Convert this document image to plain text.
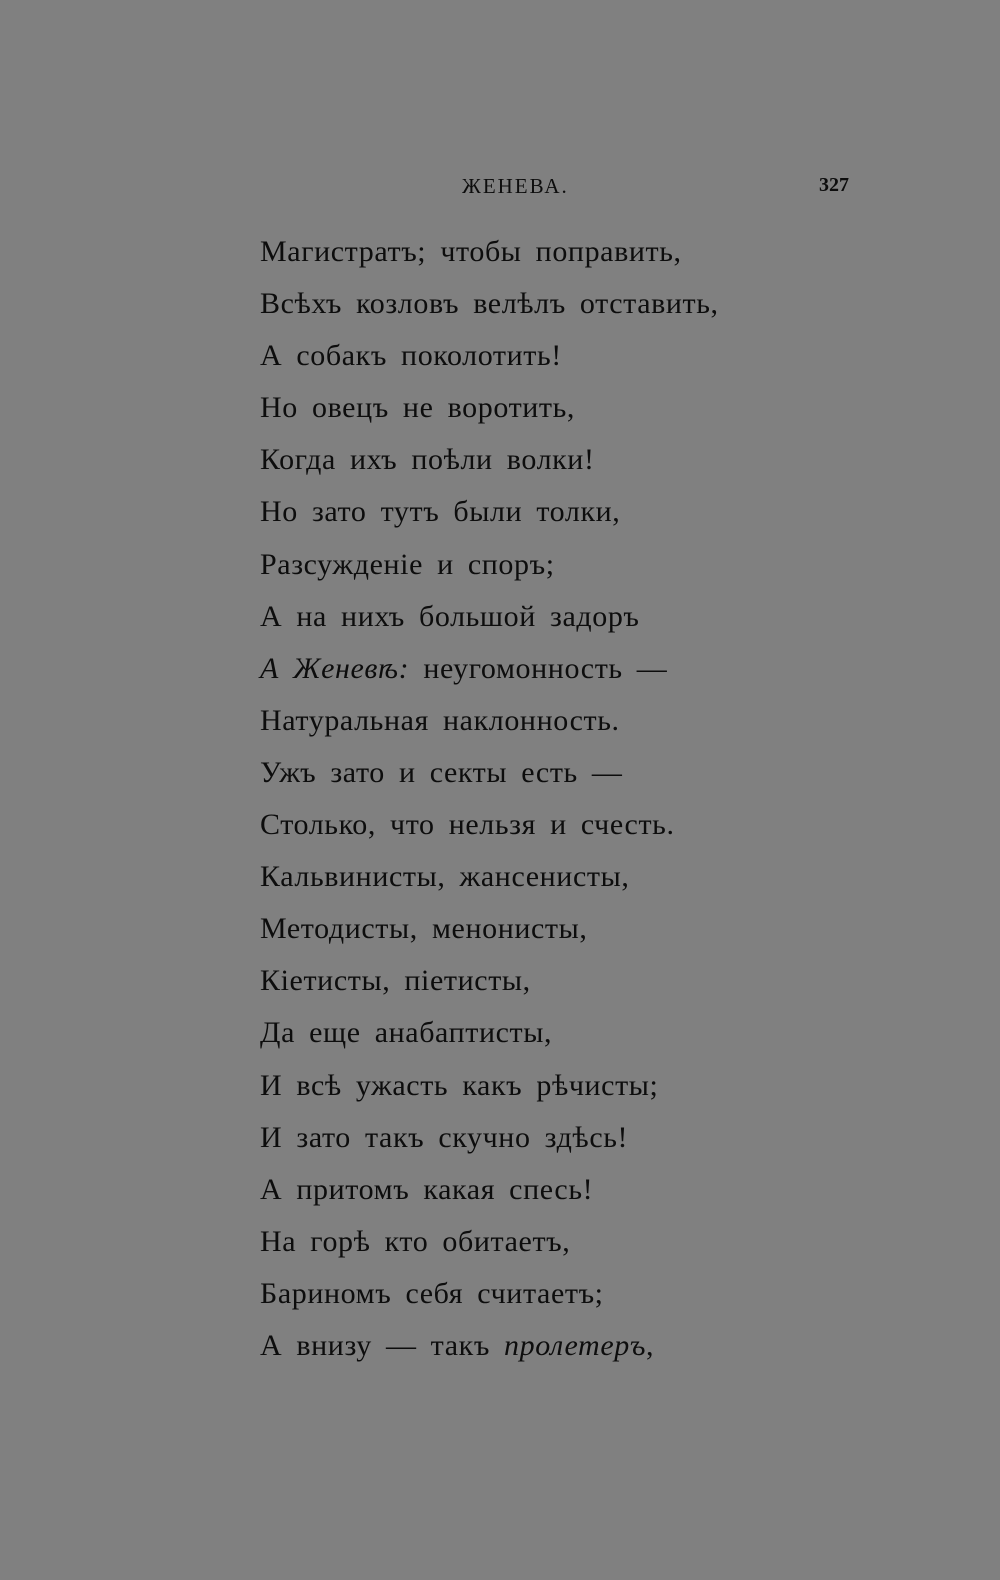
ЖЕНЕВА.	327
Магистратъ; чтобы поправить,
Всѣхъ козловъ велѣлъ отставить,
А собакъ поколотить!
Но овецъ не воротить,
Когда ихъ поѣли волки!
Но зато тутъ были толки,
Разсужденіе и споръ;
А на нихъ большой задоръ
А Женевѣ: неугомонность —
Натуральная наклонность.
Ужъ зато и секты есть —
Столько, что нельзя и счесть.
Кальвинисты, жансенисты,
Методисты, менонисты,
Кіетисты, піетисты,
Да еще анабаптисты,
И всѣ ужасть какъ рѣчисты;
И зато такъ скучно здѣсь!
А притомъ какая спесь!
На горѣ кто обитаетъ,
Бариномъ себя считаетъ;
А внизу — такъ пролетеръ,
